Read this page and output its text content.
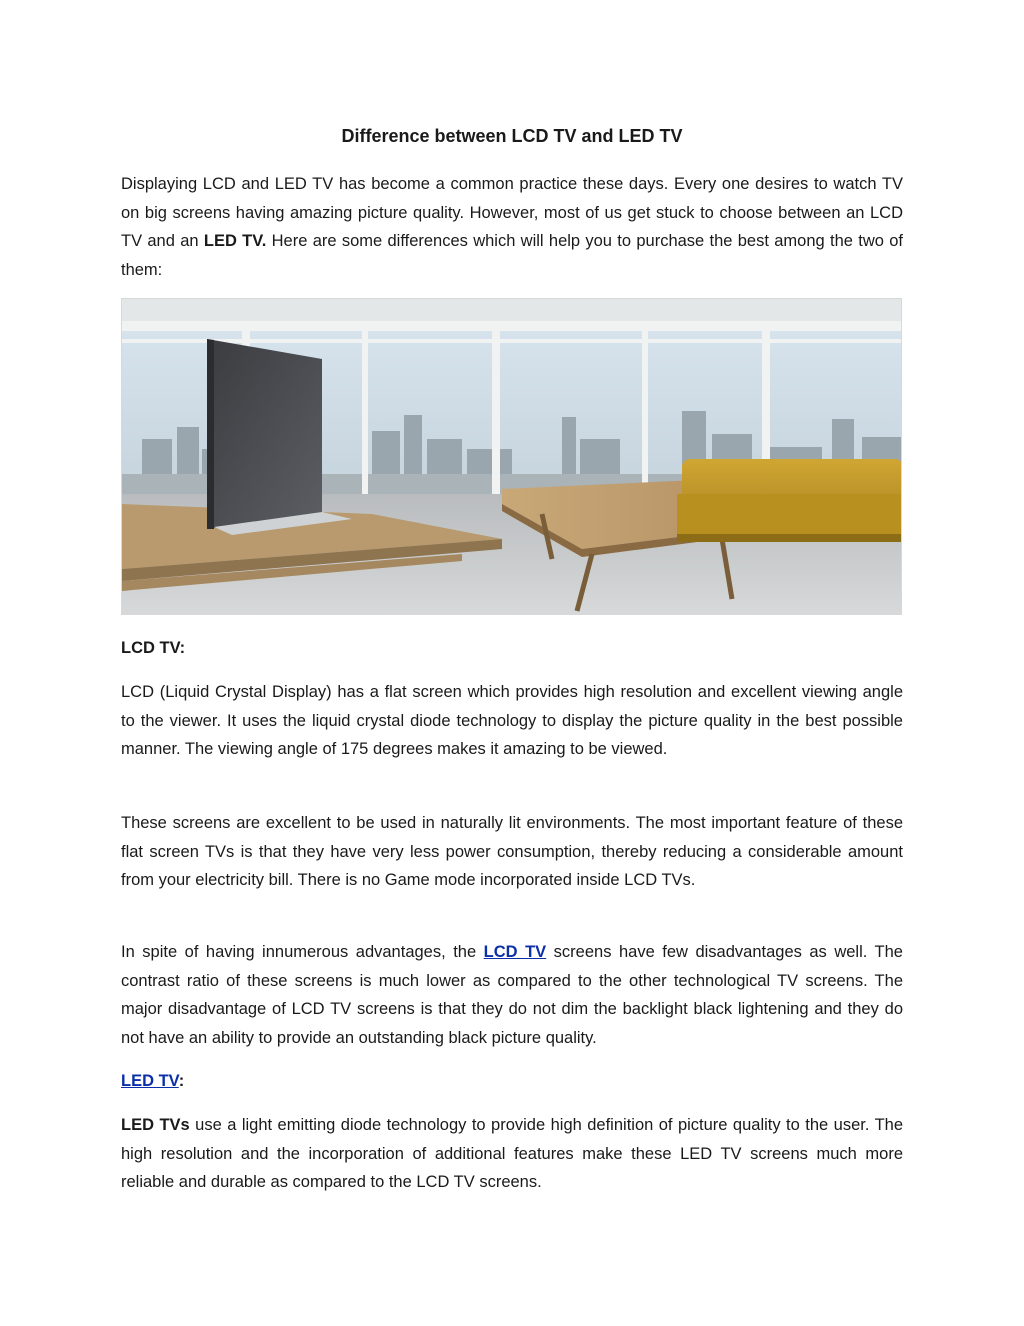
Difference between LCD TV and LED TV

Displaying LCD and LED TV has become a common practice these days. Every one desires to watch TV on big screens having amazing picture quality. However, most of us get stuck to choose between an LCD TV and an LED TV. Here are some differences which will help you to purchase the best among the two of them:

LCD TV:

LCD (Liquid Crystal Display) has a flat screen which provides high resolution and excellent viewing angle to the viewer. It uses the liquid crystal diode technology to display the picture quality in the best possible manner. The viewing angle of 175 degrees makes it amazing to be viewed.

These screens are excellent to be used in naturally lit environments. The most important feature of these flat screen TVs is that they have very less power consumption, thereby reducing a considerable amount from your electricity bill. There is no Game mode incorporated inside LCD TVs.

In spite of having innumerous advantages, the LCD TV screens have few disadvantages as well. The contrast ratio of these screens is much lower as compared to the other technological TV screens. The major disadvantage of LCD TV screens is that they do not dim the backlight black lightening and they do not have an ability to provide an outstanding black picture quality.

LED TV:

LED TVs use a light emitting diode technology to provide high definition of picture quality to the user. The high resolution and the incorporation of additional features make these LED TV screens much more reliable and durable as compared to the LCD TV screens.
